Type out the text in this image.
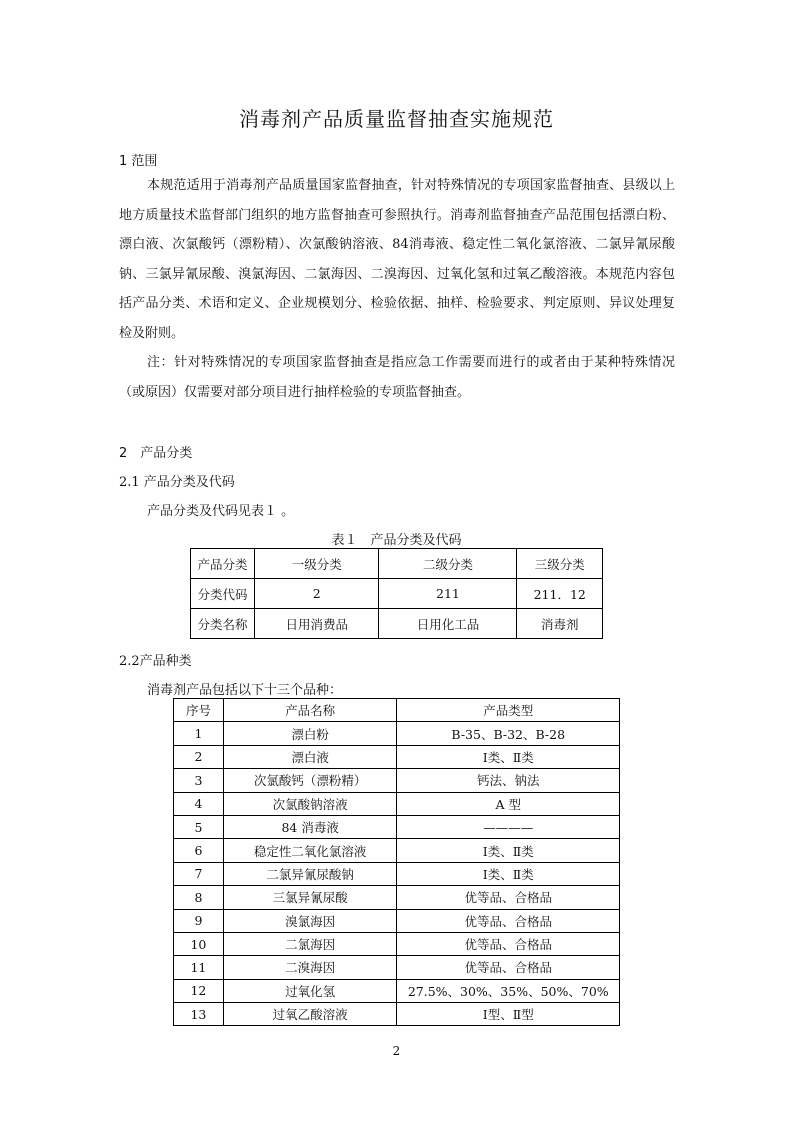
消毒剂产品质量监督抽查实施规范
1 范围

本规范适用于消毒剂产品质量国家监督抽查，针对特殊情况的专项国家监督抽查、县级以上地方质量技术监督部门组织的地方监督抽查可参照执行。消毒剂监督抽查产品范围包括漂白粉、漂白液、次氯酸钙（漂粉精）、次氯酸钠溶液、84消毒液、稳定性二氧化氯溶液、二氯异氰尿酸钠、三氯异氰尿酸、溴氯海因、二氯海因、二溴海因、过氧化氢和过氧乙酸溶液。本规范内容包括产品分类、术语和定义、企业规模划分、检验依据、抽样、检验要求、判定原则、异议处理复检及附则。

注：针对特殊情况的专项国家监督抽查是指应急工作需要而进行的或者由于某种特殊情况（或原因）仅需要对部分项目进行抽样检验的专项监督抽查。

2　产品分类
2.1 产品分类及代码
产品分类及代码见表１ 。
表１　产品分类及代码
产品分类	一级分类	二级分类	三级分类
分类代码	2	211	211．12
分类名称	日用消费品	日用化工品	消毒剂
2.2产品种类
消毒剂产品包括以下十三个品种：
序号	产品名称	产品类型
1	漂白粉	B-35、B-32、B-28
2	漂白液	Ⅰ类、Ⅱ类
3	次氯酸钙（漂粉精）	钙法、钠法
4	次氯酸钠溶液	A 型
5	84 消毒液	————
6	稳定性二氧化氯溶液	Ⅰ类、Ⅱ类
7	二氯异氰尿酸钠	Ⅰ类、Ⅱ类
8	三氯异氰尿酸	优等品、合格品
9	溴氯海因	优等品、合格品
10	二氯海因	优等品、合格品
11	二溴海因	优等品、合格品
12	过氧化氢	27.5%、30%、35%、50%、70%
13	过氧乙酸溶液	Ⅰ型、Ⅱ型
2
